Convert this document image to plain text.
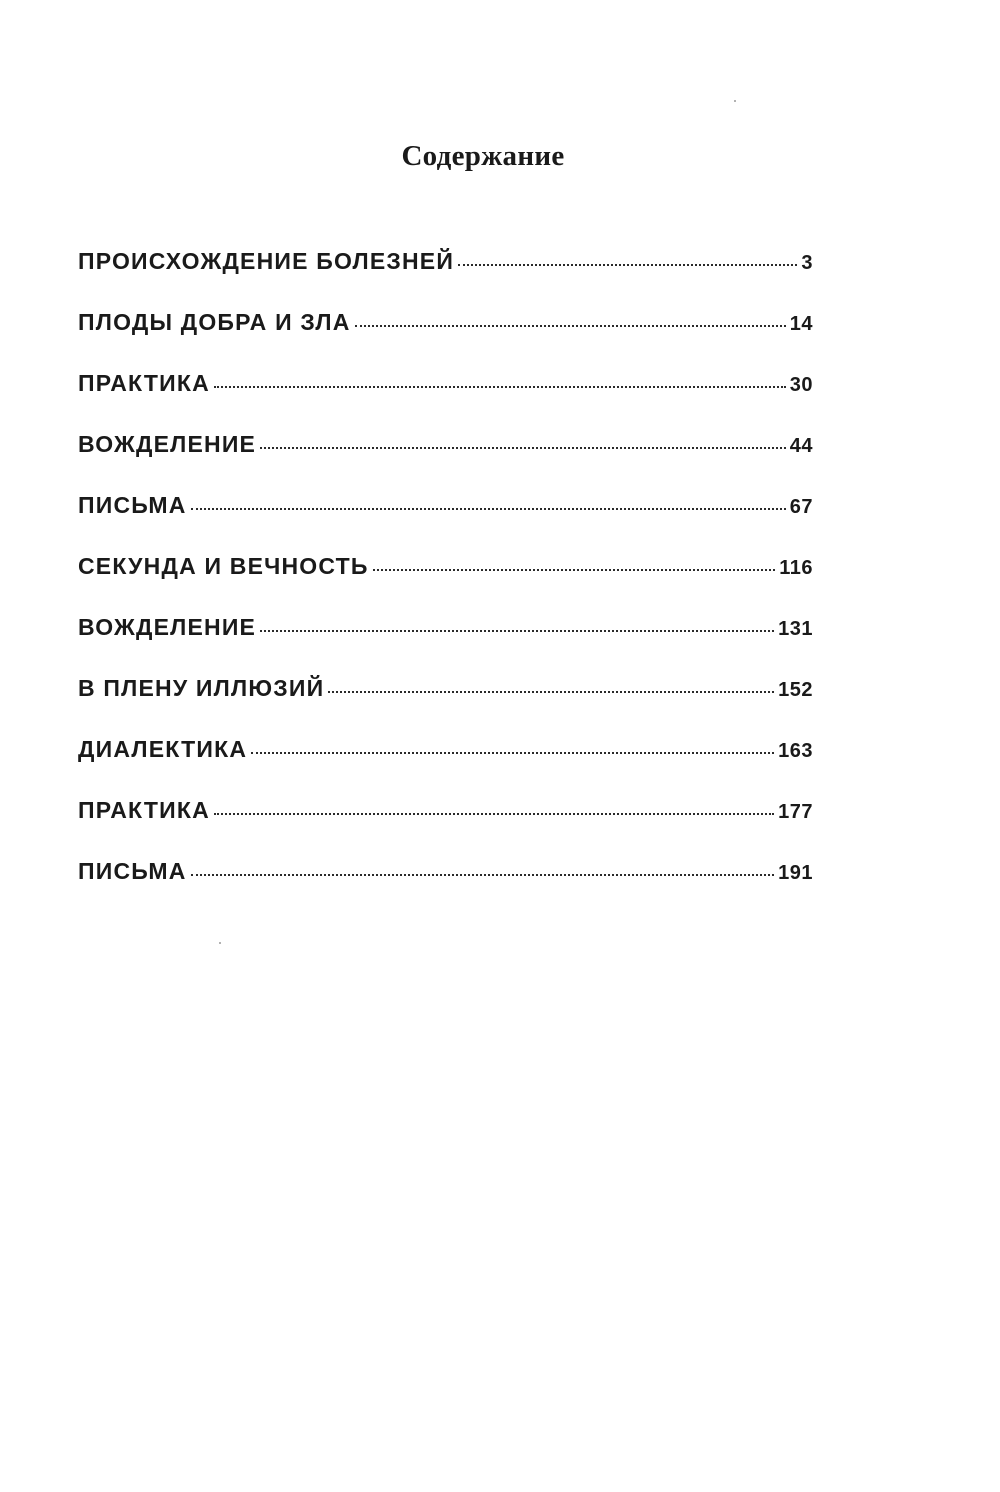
Содержание
ПРОИСХОЖДЕНИЕ БОЛЕЗНЕЙ	3
ПЛОДЫ ДОБРА И ЗЛА	14
ПРАКТИКА	30
ВОЖДЕЛЕНИЕ	44
ПИСЬМА	67
СЕКУНДА И ВЕЧНОСТЬ	116
ВОЖДЕЛЕНИЕ	131
В ПЛЕНУ ИЛЛЮЗИЙ	152
ДИАЛЕКТИКА	163
ПРАКТИКА	177
ПИСЬМА	191
